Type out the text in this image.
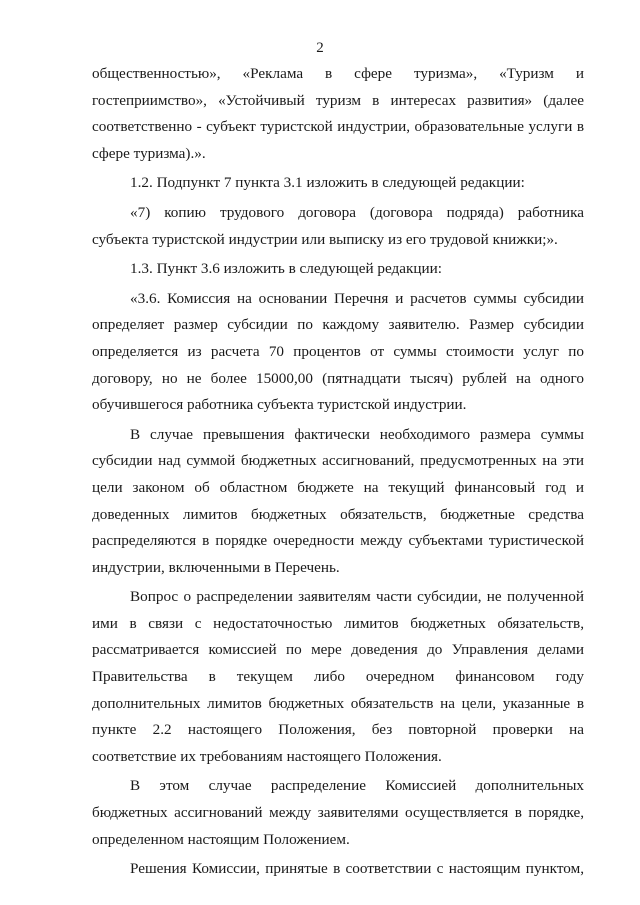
2

общественностью», «Реклама в сфере туризма», «Туризм и
гостеприимство», «Устойчивый туризм в интересах развития» (далее
соответственно - субъект туристской индустрии, образовательные услуги в
сфере туризма).».

1.2. Подпункт 7 пункта 3.1 изложить в следующей редакции:

«7) копию трудового договора (договора подряда) работника
субъекта туристской индустрии или выписку из его трудовой книжки;».

1.3. Пункт 3.6 изложить в следующей редакции:

«3.6. Комиссия на основании Перечня и расчетов суммы субсидии
определяет размер субсидии по каждому заявителю. Размер субсидии
определяется из расчета 70 процентов от суммы стоимости услуг по
договору, но не более 15000,00 (пятнадцати тысяч) рублей на одного
обучившегося работника субъекта туристской индустрии.

В случае превышения фактически необходимого размера суммы
субсидии над суммой бюджетных ассигнований, предусмотренных на эти
цели законом об областном бюджете на текущий финансовый год и
доведенных лимитов бюджетных обязательств, бюджетные средства
распределяются в порядке очередности между субъектами туристической
индустрии, включенными в Перечень.

Вопрос о распределении заявителям части субсидии, не полученной
ими в связи с недостаточностью лимитов бюджетных обязательств,
рассматривается комиссией по мере доведения до Управления делами
Правительства в текущем либо очередном финансовом году
дополнительных лимитов бюджетных обязательств на цели, указанные в
пункте 2.2 настоящего Положения, без повторной проверки на
соответствие их требованиям настоящего Положения.

В этом случае распределение Комиссией дополнительных
бюджетных ассигнований между заявителями осуществляется в порядке,
определенном настоящим Положением.

Решения Комиссии, принятые в соответствии с настоящим пунктом,
